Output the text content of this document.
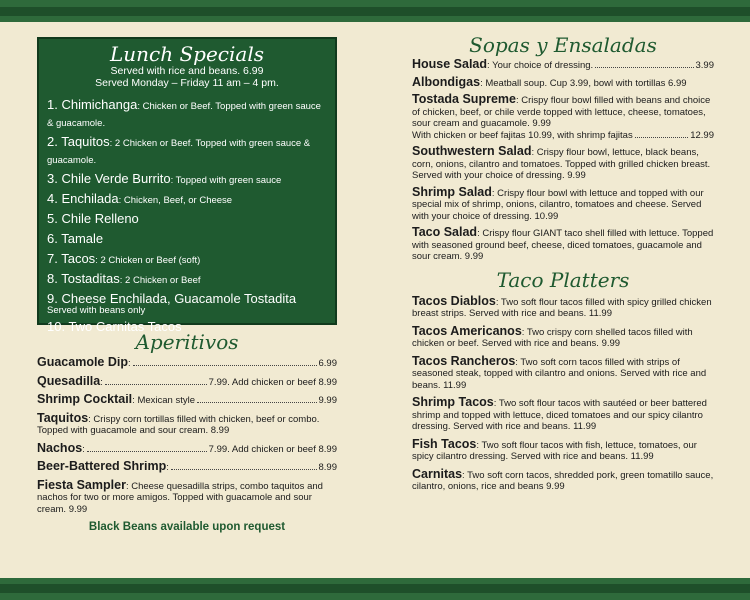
Lunch Specials
Served with rice and beans. 6.99
Served Monday – Friday 11 am – 4 pm.
1. Chimichanga: Chicken or Beef. Topped with green sauce & guacamole.
2. Taquitos: 2 Chicken or Beef. Topped with green sauce & guacamole.
3. Chile Verde Burrito: Topped with green sauce
4. Enchilada: Chicken, Beef, or Cheese
5. Chile Relleno
6. Tamale
7. Tacos: 2 Chicken or Beef (soft)
8. Tostaditas: 2 Chicken or Beef
9. Cheese Enchilada, Guacamole Tostadita
Served with beans only
10. Two Carnitas Tacos
Aperitivos
Guacamole Dip:	6.99
Quesadilla:	7.99. Add chicken or beef 8.99
Shrimp Cocktail: Mexican style	9.99
Taquitos: Crispy corn tortillas filled with chicken, beef or combo. Topped with guacamole and sour cream. 8.99
Nachos:	7.99. Add chicken or beef 8.99
Beer-Battered Shrimp:	8.99
Fiesta Sampler: Cheese quesadilla strips, combo taquitos and nachos for two or more amigos. Topped with guacamole and sour cream. 9.99
Black Beans available upon request
Sopas y Ensaladas
House Salad: Your choice of dressing.	3.99
Albondigas: Meatball soup. Cup 3.99, bowl with tortillas 6.99
Tostada Supreme: Crispy flour bowl filled with beans and choice of chicken, beef, or chile verde topped with lettuce, cheese, tomatoes, sour cream and guacamole. 9.99
With chicken or beef fajitas 10.99, with shrimp fajitas	12.99
Southwestern Salad: Crispy flour bowl, lettuce, black beans, corn, onions, cilantro and tomatoes. Topped with grilled chicken breast. Served with your choice of dressing. 9.99
Shrimp Salad: Crispy flour bowl with lettuce and topped with our special mix of shrimp, onions, cilantro, tomatoes and cheese. Served with your choice of dressing. 10.99
Taco Salad: Crispy flour GIANT taco shell filled with lettuce. Topped with seasoned ground beef, cheese, diced tomatoes, guacamole and sour cream. 9.99
Taco Platters
Tacos Diablos: Two soft flour tacos filled with spicy grilled chicken breast strips. Served with rice and beans. 11.99
Tacos Americanos: Two crispy corn shelled tacos filled with chicken or beef. Served with rice and beans. 9.99
Tacos Rancheros: Two soft corn tacos filled with strips of seasoned steak, topped with cilantro and onions. Served with rice and beans. 11.99
Shrimp Tacos: Two soft flour tacos with sautéed or beer battered shrimp and topped with lettuce, diced tomatoes and our spicy cilantro dressing. Served with rice and beans. 11.99
Fish Tacos: Two soft flour tacos with fish, lettuce, tomatoes, our spicy cilantro dressing. Served with rice and beans. 11.99
Carnitas: Two soft corn tacos, shredded pork, green tomatillo sauce, cilantro, onions, rice and beans 9.99
